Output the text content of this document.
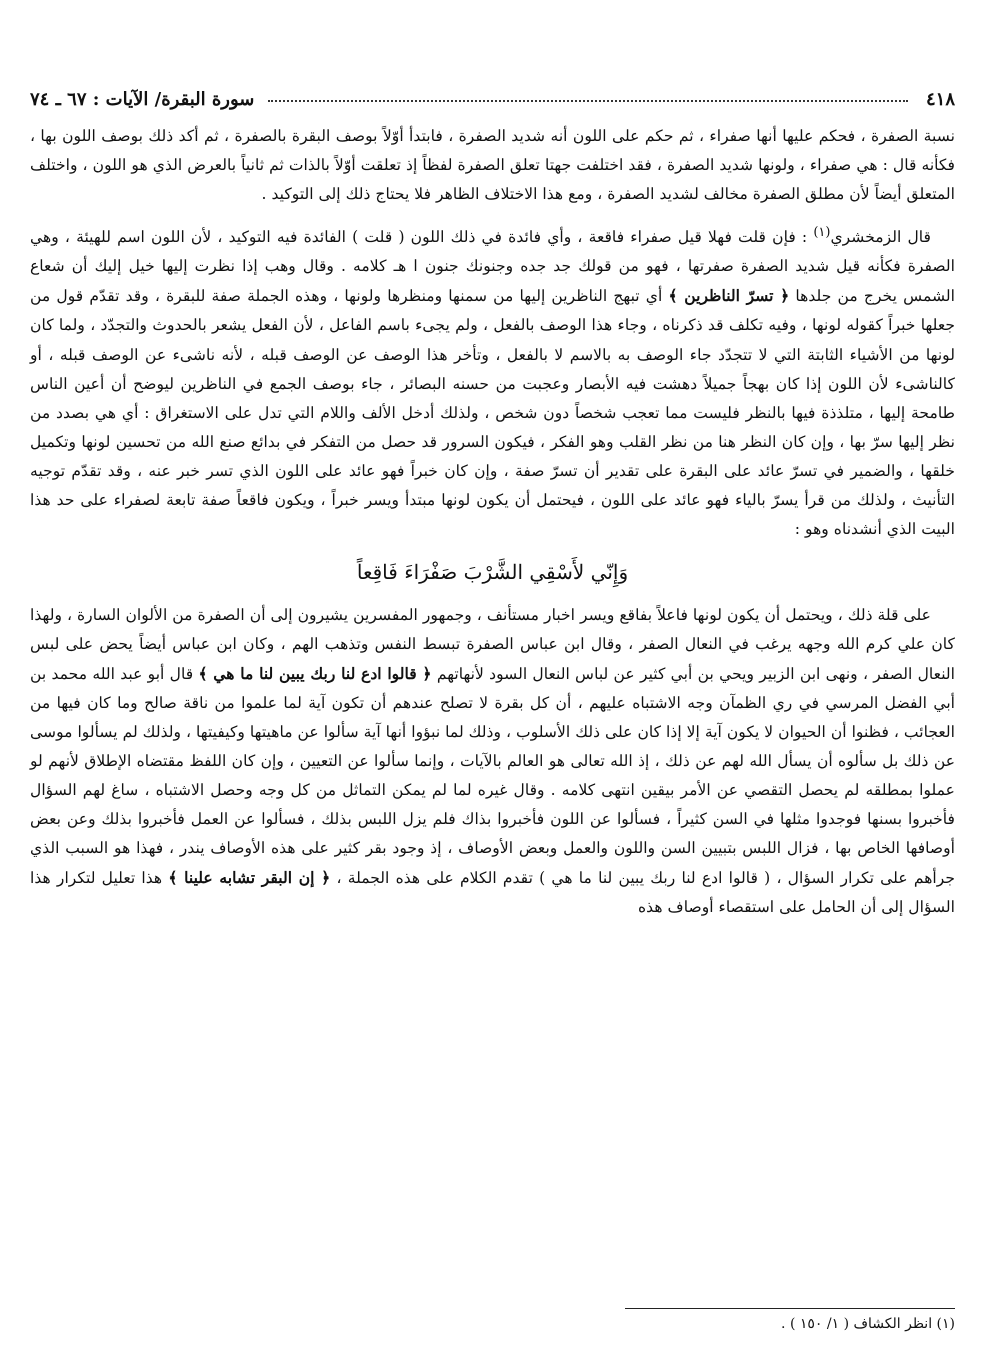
٤١٨
سورة البقرة/ الآيات : ٦٧ ـ ٧٤

نسبة الصفرة ، فحكم عليها أنها صفراء ، ثم حكم على اللون أنه شديد الصفرة ، فابتدأ أوّلاً بوصف البقرة بالصفرة ، ثم أكد ذلك بوصف اللون بها ، فكأنه قال : هي صفراء ، ولونها شديد الصفرة ، فقد اختلفت جهتا تعلق الصفرة لفظاً إذ تعلقت أوّلاً بالذات ثم ثانياً بالعرض الذي هو اللون ، واختلف المتعلق أيضاً لأن مطلق الصفرة مخالف لشديد الصفرة ، ومع هذا الاختلاف الظاهر فلا يحتاج ذلك إلى التوكيد .

قال الزمخشري$^{(١)}$ : فإن قلت فهلا قيل صفراء فاقعة ، وأي فائدة في ذلك اللون ( قلت ) الفائدة فيه التوكيد ، لأن اللون اسم للهيئة ، وهي الصفرة فكأنه قيل شديد الصفرة صفرتها ، فهو من قولك جد جده وجنونك جنون ا هـ كلامه . وقال وهب إذا نظرت إليها خيل إليك أن شعاع الشمس يخرج من جلدها ﴿ تسرّ الناظرين ﴾ أي تبهج الناظرين إليها من سمنها ومنظرها ولونها ، وهذه الجملة صفة للبقرة ، وقد تقدّم قول من جعلها خبراً كقوله لونها ، وفيه تكلف قد ذكرناه ، وجاء هذا الوصف بالفعل ، ولم يجىء باسم الفاعل ، لأن الفعل يشعر بالحدوث والتجدّد ، ولما كان لونها من الأشياء الثابتة التي لا تتجدّد جاء الوصف به بالاسم لا بالفعل ، وتأخر هذا الوصف عن الوصف قبله ، لأنه ناشىء عن الوصف قبله ، أو كالناشىء لأن اللون إذا كان بهجاً جميلاً دهشت فيه الأبصار وعجبت من حسنه البصائر ، جاء بوصف الجمع في الناظرين ليوضح أن أعين الناس طامحة إليها ، متلذذة فيها بالنظر فليست مما تعجب شخصاً دون شخص ، ولذلك أدخل الألف واللام التي تدل على الاستغراق : أي هي بصدد من نظر إليها سرّ بها ، وإن كان النظر هنا من نظر القلب وهو الفكر ، فيكون السرور قد حصل من التفكر في بدائع صنع الله من تحسين لونها وتكميل خلقها ، والضمير في تسرّ عائد على البقرة على تقدير أن تسرّ صفة ، وإن كان خبراً فهو عائد على اللون الذي تسر خبر عنه ، وقد تقدّم توجيه التأنيث ، ولذلك من قرأ يسرّ بالياء فهو عائد على اللون ، فيحتمل أن يكون لونها مبتدأ ويسر خبراً ، ويكون فاقعاً صفة تابعة لصفراء على حد هذا البيت الذي أنشدناه وهو :

وَإِنّي لأَسْقِي الشَّرْبَ صَفْرَاءَ فَاقِعاً

على قلة ذلك ، ويحتمل أن يكون لونها فاعلاً بفاقع ويسر اخبار مستأنف ، وجمهور المفسرين يشيرون إلى أن الصفرة من الألوان السارة ، ولهذا كان علي كرم الله وجهه يرغب في النعال الصفر ، وقال ابن عباس الصفرة تبسط النفس وتذهب الهم ، وكان ابن عباس أيضاً يحض على لبس النعال الصفر ، ونهى ابن الزبير ويحي بن أبي كثير عن لباس النعال السود لأنهاتهم ﴿ قالوا ادع لنا ربك يبين لنا ما هي ﴾ قال أبو عبد الله محمد بن أبي الفضل المرسي في ري الظمآن وجه الاشتباه عليهم ، أن كل بقرة لا تصلح عندهم أن تكون آية لما علموا من ناقة صالح وما كان فيها من العجائب ، فظنوا أن الحيوان لا يكون آية إلا إذا كان على ذلك الأسلوب ، وذلك لما نبؤوا أنها آية سألوا عن ماهيتها وكيفيتها ، ولذلك لم يسألوا موسى عن ذلك بل سألوه أن يسأل الله لهم عن ذلك ، إذ الله تعالى هو العالم بالآيات ، وإنما سألوا عن التعيين ، وإن كان اللفظ مقتضاه الإطلاق لأنهم لو عملوا بمطلقه لم يحصل التقصي عن الأمر بيقين انتهى كلامه . وقال غيره لما لم يمكن التماثل من كل وجه وحصل الاشتباه ، ساغ لهم السؤال فأخبروا بسنها فوجدوا مثلها في السن كثيراً ، فسألوا عن اللون فأخبروا بذاك فلم يزل اللبس بذلك ، فسألوا عن العمل فأخبروا بذلك وعن بعض أوصافها الخاص بها ، فزال اللبس بتبيين السن واللون والعمل وبعض الأوصاف ، إذ وجود بقر كثير على هذه الأوصاف يندر ، فهذا هو السبب الذي جرأهم على تكرار السؤال ، ( قالوا ادع لنا ربك يبين لنا ما هي ) تقدم الكلام على هذه الجملة ، ﴿ إن البقر تشابه علينا ﴾ هذا تعليل لتكرار هذا السؤال إلى أن الحامل على استقصاء أوصاف هذه

(١) انظر الكشاف ( ١/ ١٥٠ ) .
